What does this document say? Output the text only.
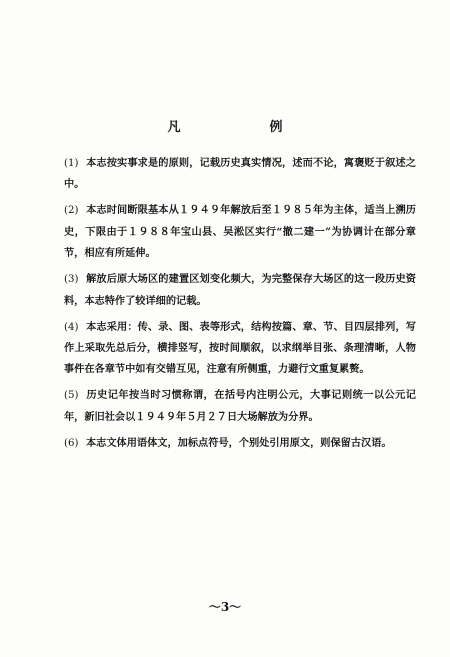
凡　例

(1) 本志按实事求是的原则，记载历史真实情况，述而不论，寓褒贬于叙述之中。

(2) 本志时间断限基本从１９４９年解放后至１９８５年为主体，适当上溯历史，下限由于１９８８年宝山县、吴淞区实行“撤二建一”为协调计在部分章节，相应有所延伸。

(3) 解放后原大场区的建置区划变化频大，为完整保存大场区的这一段历史资料，本志特作了较详细的记载。

(4) 本志采用：传、录、图、表等形式，结构按篇、章、节、目四层排列，写作上采取先总后分，横排竖写，按时间顺叙，以求纲举目张、条理清晰，人物事件在各章节中如有交错互见，注意有所侧重，力避行文重复累赘。

(5) 历史记年按当时习惯称谓，在括号内注明公元，大事记则统一以公元记年，新旧社会以１９４９年５月２７日大场解放为分界。

(6) 本志文体用语体文，加标点符号，个别处引用原文，则保留古汉语。

～3～
